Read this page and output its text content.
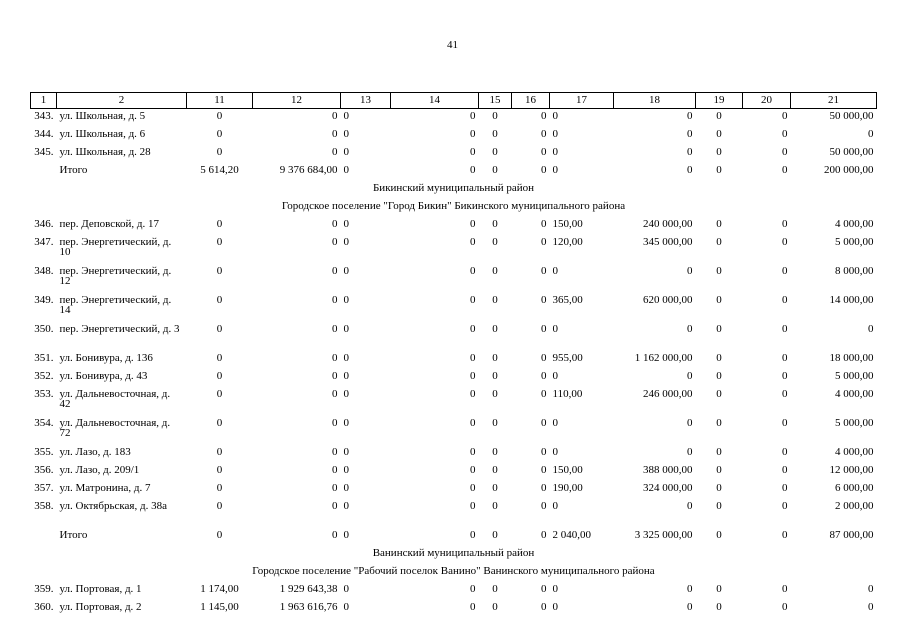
41
1	2	11	12	13	14	15	16	17	18	19	20	21
343.	ул. Школьная, д. 5	0	0	0	0	0	0	0	0	0	0	50 000,00
344.	ул. Школьная, д. 6	0	0	0	0	0	0	0	0	0	0	0
345.	ул. Школьная, д. 28	0	0	0	0	0	0	0	0	0	0	50 000,00
	Итого	5 614,20	9 376 684,00	0	0	0	0	0	0	0	0	200 000,00
Бикинский муниципальный район												
Городское поселение "Город Бикин" Бикинского муниципального района												
346.	пер. Деповской, д. 17	0	0	0	0	0	0	150,00	240 000,00	0	0	4 000,00
347.	пер. Энергетический, д. 10	0	0	0	0	0	0	120,00	345 000,00	0	0	5 000,00
348.	пер. Энергетический, д. 12	0	0	0	0	0	0	0	0	0	0	8 000,00
349.	пер. Энергетический, д. 14	0	0	0	0	0	0	365,00	620 000,00	0	0	14 000,00
350.	пер. Энергетический, д. 3	0	0	0	0	0	0	0	0	0	0	0
351.	ул. Бонивура, д. 136	0	0	0	0	0	0	955,00	1 162 000,00	0	0	18 000,00
352.	ул. Бонивура, д. 43	0	0	0	0	0	0	0	0	0	0	5 000,00
353.	ул. Дальневосточная, д. 42	0	0	0	0	0	0	110,00	246 000,00	0	0	4 000,00
354.	ул. Дальневосточная, д. 72	0	0	0	0	0	0	0	0	0	0	5 000,00
355.	ул. Лазо, д. 183	0	0	0	0	0	0	0	0	0	0	4 000,00
356.	ул. Лазо, д. 209/1	0	0	0	0	0	0	150,00	388 000,00	0	0	12 000,00
357.	ул. Матронина, д. 7	0	0	0	0	0	0	190,00	324 000,00	0	0	6 000,00
358.	ул. Октябрьская, д. 38а	0	0	0	0	0	0	0	0	0	0	2 000,00
	Итого	0	0	0	0	0	0	2 040,00	3 325 000,00	0	0	87 000,00
Ванинский муниципальный район												
Городское поселение "Рабочий поселок Ванино" Ванинского муниципального района												
359.	ул. Портовая, д. 1	1 174,00	1 929 643,38	0	0	0	0	0	0	0	0	0
360.	ул. Портовая, д. 2	1 145,00	1 963 616,76	0	0	0	0	0	0	0	0	0
